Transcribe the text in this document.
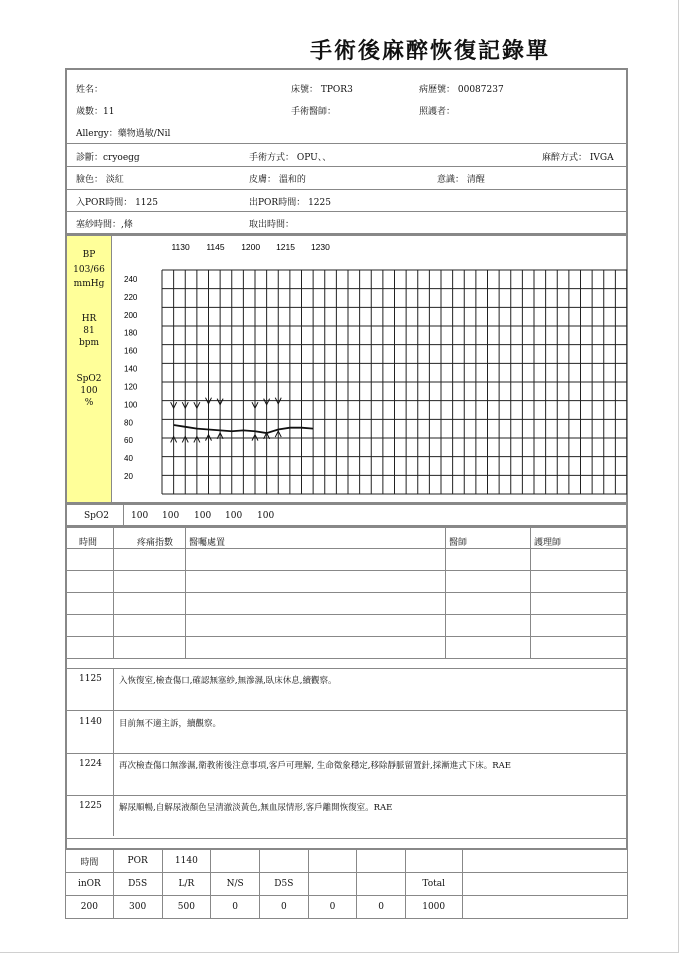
手術後麻醉恢復記錄單
姓名：	床號： TPOR3	病歷號： 00087237
歲數：11	手術醫師：	照護者：
Allergy：藥物過敏/Nil
診斷：cryoegg	手術方式： OPU、、	麻醉方式： IVGA
臉色： 淡紅	皮膚： 溫和的	意識： 清醒
入POR時間： 1125	出POR時間： 1225
塞紗時間：,條	取出時間：
BP
103/66
mmHg
HR
81
bpm
SpO2
100
%
240
220
200
180
160
140
120
100
80
60
40
20
1130 1145 1200 1215 1230
SpO2 100 100 100 100 100
時間	疼痛指數 醫囑處置	醫師	護理師
1125 入恢復室,檢查傷口,確認無塞紗,無滲濕,臥床休息,續觀察。
1140 目前無不適主訴，續觀察。
1224 再次檢查傷口無滲濕,衛教術後注意事項,客戶可理解, 生命徵象穩定,移除靜脈留置針,採漸進式下床。RAE
1225 解尿順暢,自解尿液顏色呈清澈淡黃色,無血尿情形,客戶離開恢復室。RAE
時間	POR	1140						
inOR	D5S	L/R	N/S	D5S			Total	
200	300	500	0	0	0	0	1000	
